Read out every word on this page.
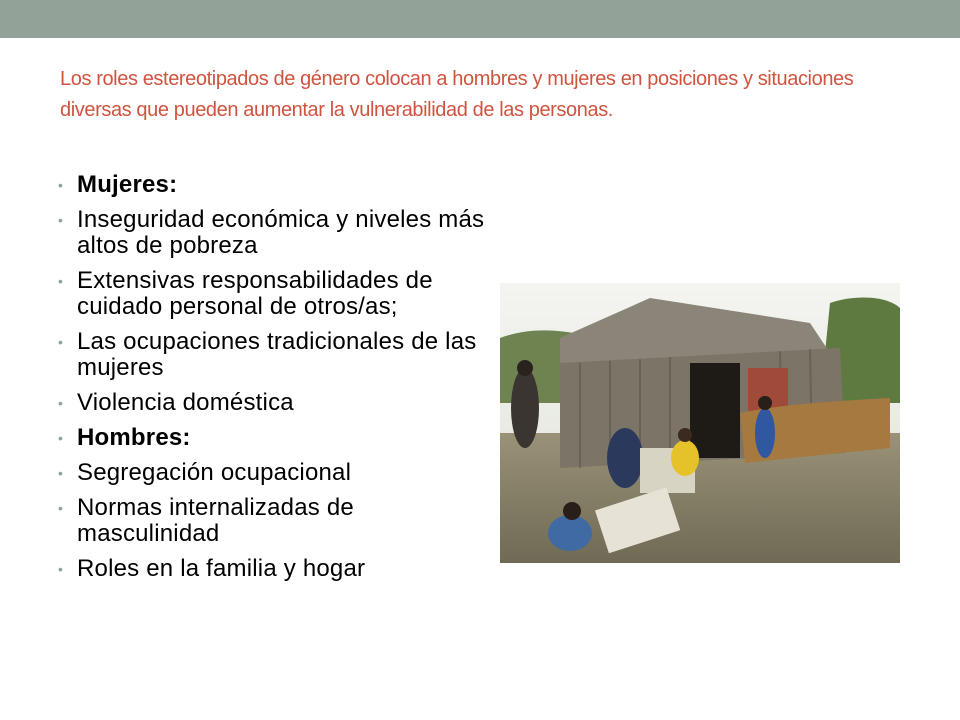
Los roles estereotipados de género colocan a hombres y mujeres en posiciones y situaciones diversas que pueden aumentar la vulnerabilidad de las personas.
• Mujeres:
• Inseguridad económica y niveles más altos de pobreza
• Extensivas responsabilidades de cuidado personal de otros/as;
• Las ocupaciones tradicionales de las mujeres
• Violencia doméstica
• Hombres:
• Segregación ocupacional
• Normas internalizadas de masculinidad
• Roles en la familia y hogar
